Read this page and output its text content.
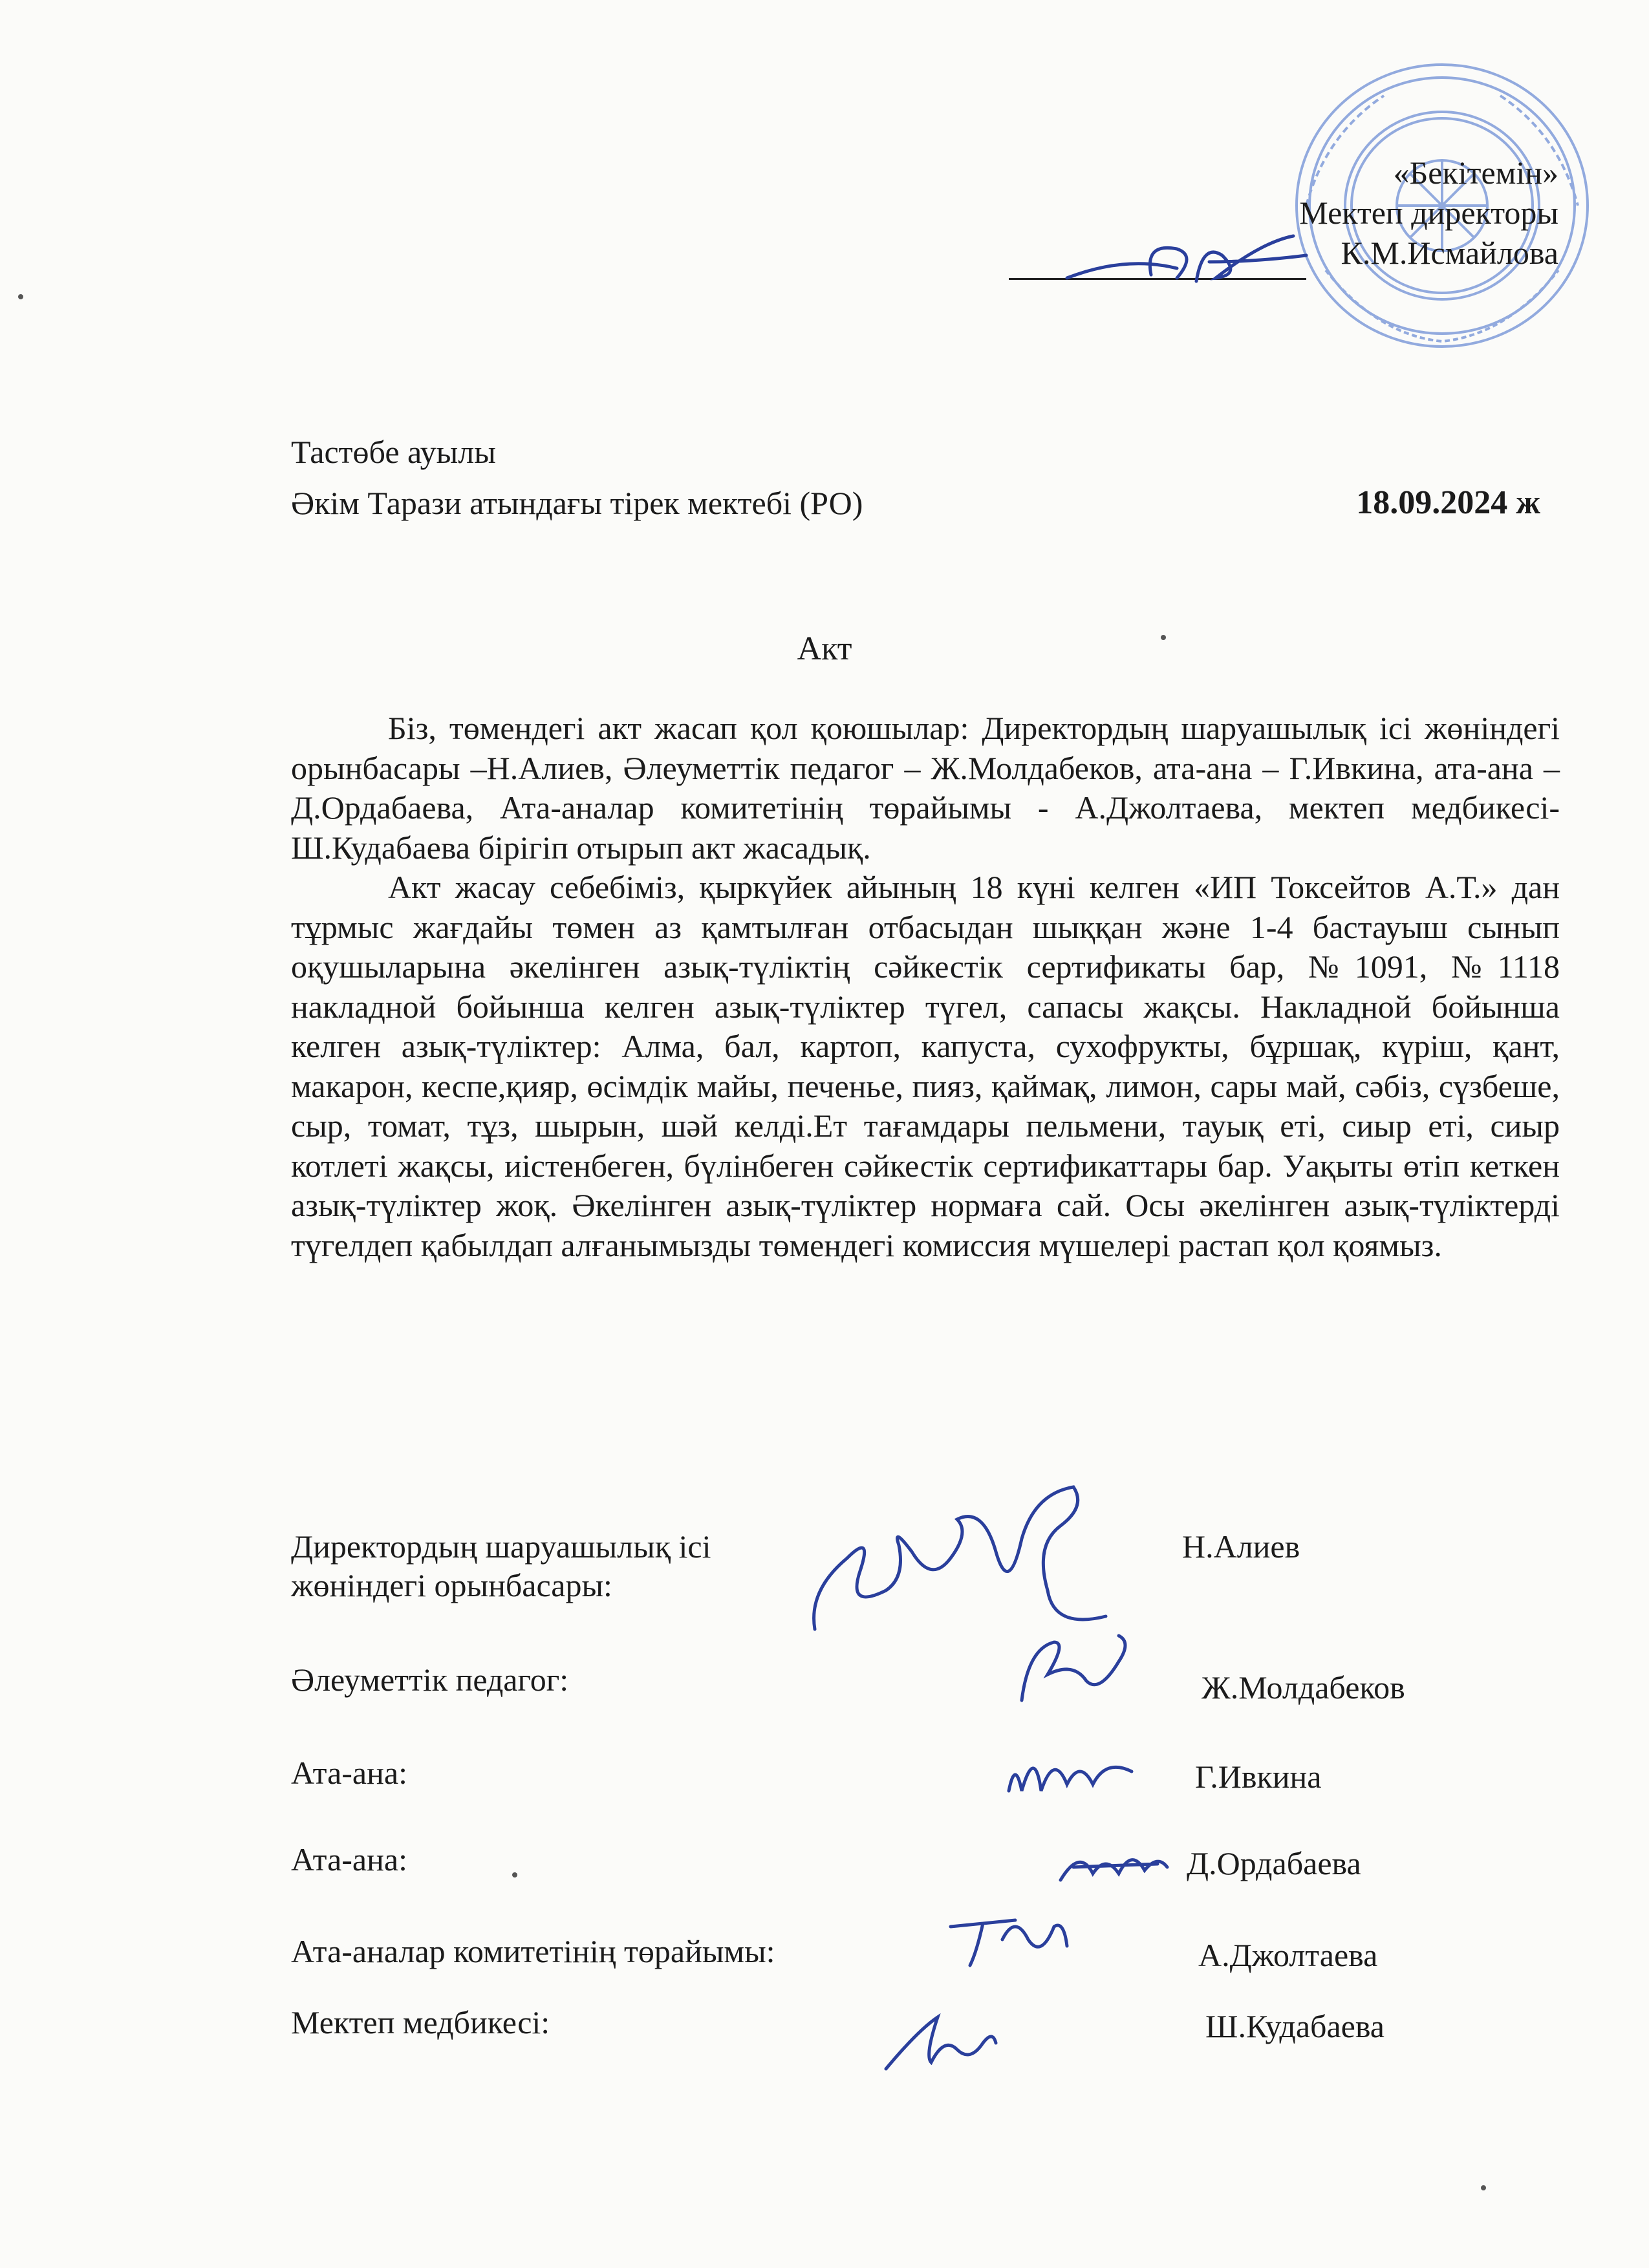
«Бекітемін»
Мектеп директоры
К.М.Исмайлова
Тастөбе ауылы
Әкім Тарази атындағы тірек мектебі (РО)	18.09.2024 ж
Акт

Біз, төмендегі акт жасап қол қоюшылар: Директордың шаруашылық ісі жөніндегі орынбасары –Н.Алиев, Әлеуметтік педагог – Ж.Молдабеков, ата-ана – Г.Ивкина, ата-ана – Д.Ордабаева, Ата-аналар комитетінің төрайымы - А.Джолтаева, мектеп медбикесі-Ш.Кудабаева бірігіп отырып акт жасадық.

Акт жасау себебіміз, қыркүйек айының 18 күні келген «ИП Токсейтов А.Т.» дан тұрмыс жағдайы төмен аз қамтылған отбасыдан шыққан және 1-4 бастауыш сынып оқушыларына әкелінген азық-түліктің сәйкестік сертификаты бар, №1091, №1118 накладной бойынша келген азық-түліктер түгел, сапасы жақсы. Накладной бойынша келген азық-түліктер: Алма, бал, картоп, капуста, сухофрукты, бұршақ, күріш, қант, макарон, кеспе,қияр, өсімдік майы, печенье, пияз, қаймақ, лимон, сары май, сәбіз, сүзбеше, сыр, томат, тұз, шырын, шәй келді.Ет тағамдары пельмени, тауық еті, сиыр еті, сиыр котлеті жақсы, иістенбеген, бүлінбеген сәйкестік сертификаттары бар. Уақыты өтіп кеткен азық-түліктер жоқ. Әкелінген азық-түліктер нормаға сай. Осы әкелінген азық-түліктерді түгелдеп қабылдап алғанымызды төмендегі комиссия мүшелері растап қол қоямыз.

Директордың шаруашылық ісі
жөніндегі орынбасары:
Н.Алиев
Әлеуметтік педагог:	Ж.Молдабеков
Ата-ана:	Г.Ивкина
Ата-ана:	Д.Ордабаева
Ата-аналар комитетінің төрайымы:	А.Джолтаева
Мектеп медбикесі:	Ш.Кудабаева
